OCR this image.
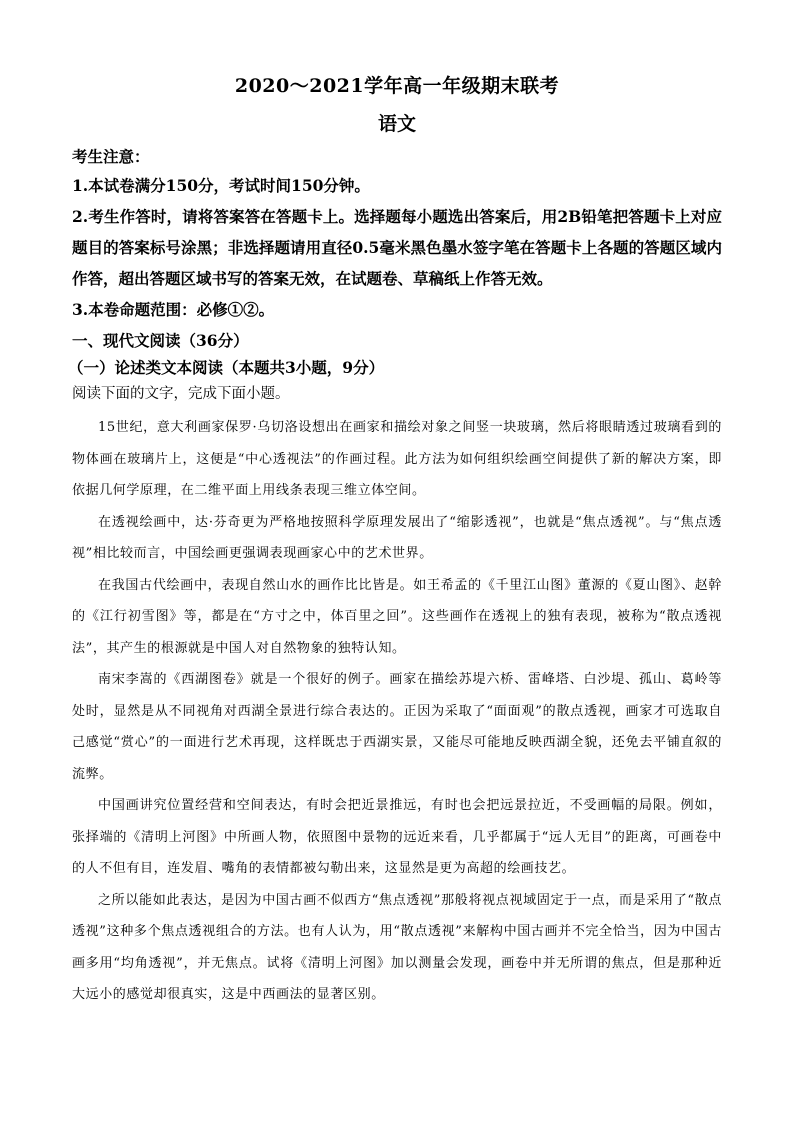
2020～2021学年高一年级期末联考
语文
考生注意：

1.本试卷满分150分，考试时间150分钟。

2.考生作答时，请将答案答在答题卡上。选择题每小题选出答案后，用2B铅笔把答题卡上对应题目的答案标号涂黑；非选择题请用直径0.5毫米黑色墨水签字笔在答题卡上各题的答题区域内作答，超出答题区域书写的答案无效，在试题卷、草稿纸上作答无效。

3.本卷命题范围：必修①②。

一、现代文阅读（36分）
（一）论述类文本阅读（本题共3小题，9分）
阅读下面的文字，完成下面小题。

15世纪，意大利画家保罗·乌切洛设想出在画家和描绘对象之间竖一块玻璃，然后将眼睛透过玻璃看到的物体画在玻璃片上，这便是“中心透视法”的作画过程。此方法为如何组织绘画空间提供了新的解决方案，即依据几何学原理，在二维平面上用线条表现三维立体空间。

在透视绘画中，达·芬奇更为严格地按照科学原理发展出了“缩影透视”，也就是“焦点透视”。与“焦点透视”相比较而言，中国绘画更强调表现画家心中的艺术世界。

在我国古代绘画中，表现自然山水的画作比比皆是。如王希孟的《千里江山图》董源的《夏山图》、赵幹的《江行初雪图》等，都是在“方寸之中，体百里之回”。这些画作在透视上的独有表现，被称为“散点透视法”，其产生的根源就是中国人对自然物象的独特认知。

南宋李嵩的《西湖图卷》就是一个很好的例子。画家在描绘苏堤六桥、雷峰塔、白沙堤、孤山、葛岭等处时，显然是从不同视角对西湖全景进行综合表达的。正因为采取了“面面观”的散点透视，画家才可选取自己感觉“赏心”的一面进行艺术再现，这样既忠于西湖实景，又能尽可能地反映西湖全貌，还免去平铺直叙的流弊。

中国画讲究位置经营和空间表达，有时会把近景推远，有时也会把远景拉近，不受画幅的局限。例如，张择端的《清明上河图》中所画人物，依照图中景物的远近来看，几乎都属于“远人无目”的距离，可画卷中的人不但有目，连发眉、嘴角的表情都被勾勒出来，这显然是更为高超的绘画技艺。

之所以能如此表达，是因为中国古画不似西方“焦点透视”那般将视点视域固定于一点，而是采用了“散点透视”这种多个焦点透视组合的方法。也有人认为，用“散点透视”来解构中国古画并不完全恰当，因为中国古画多用“均角透视”，并无焦点。试将《清明上河图》加以测量会发现，画卷中并无所谓的焦点，但是那种近大远小的感觉却很真实，这是中西画法的显著区别。
